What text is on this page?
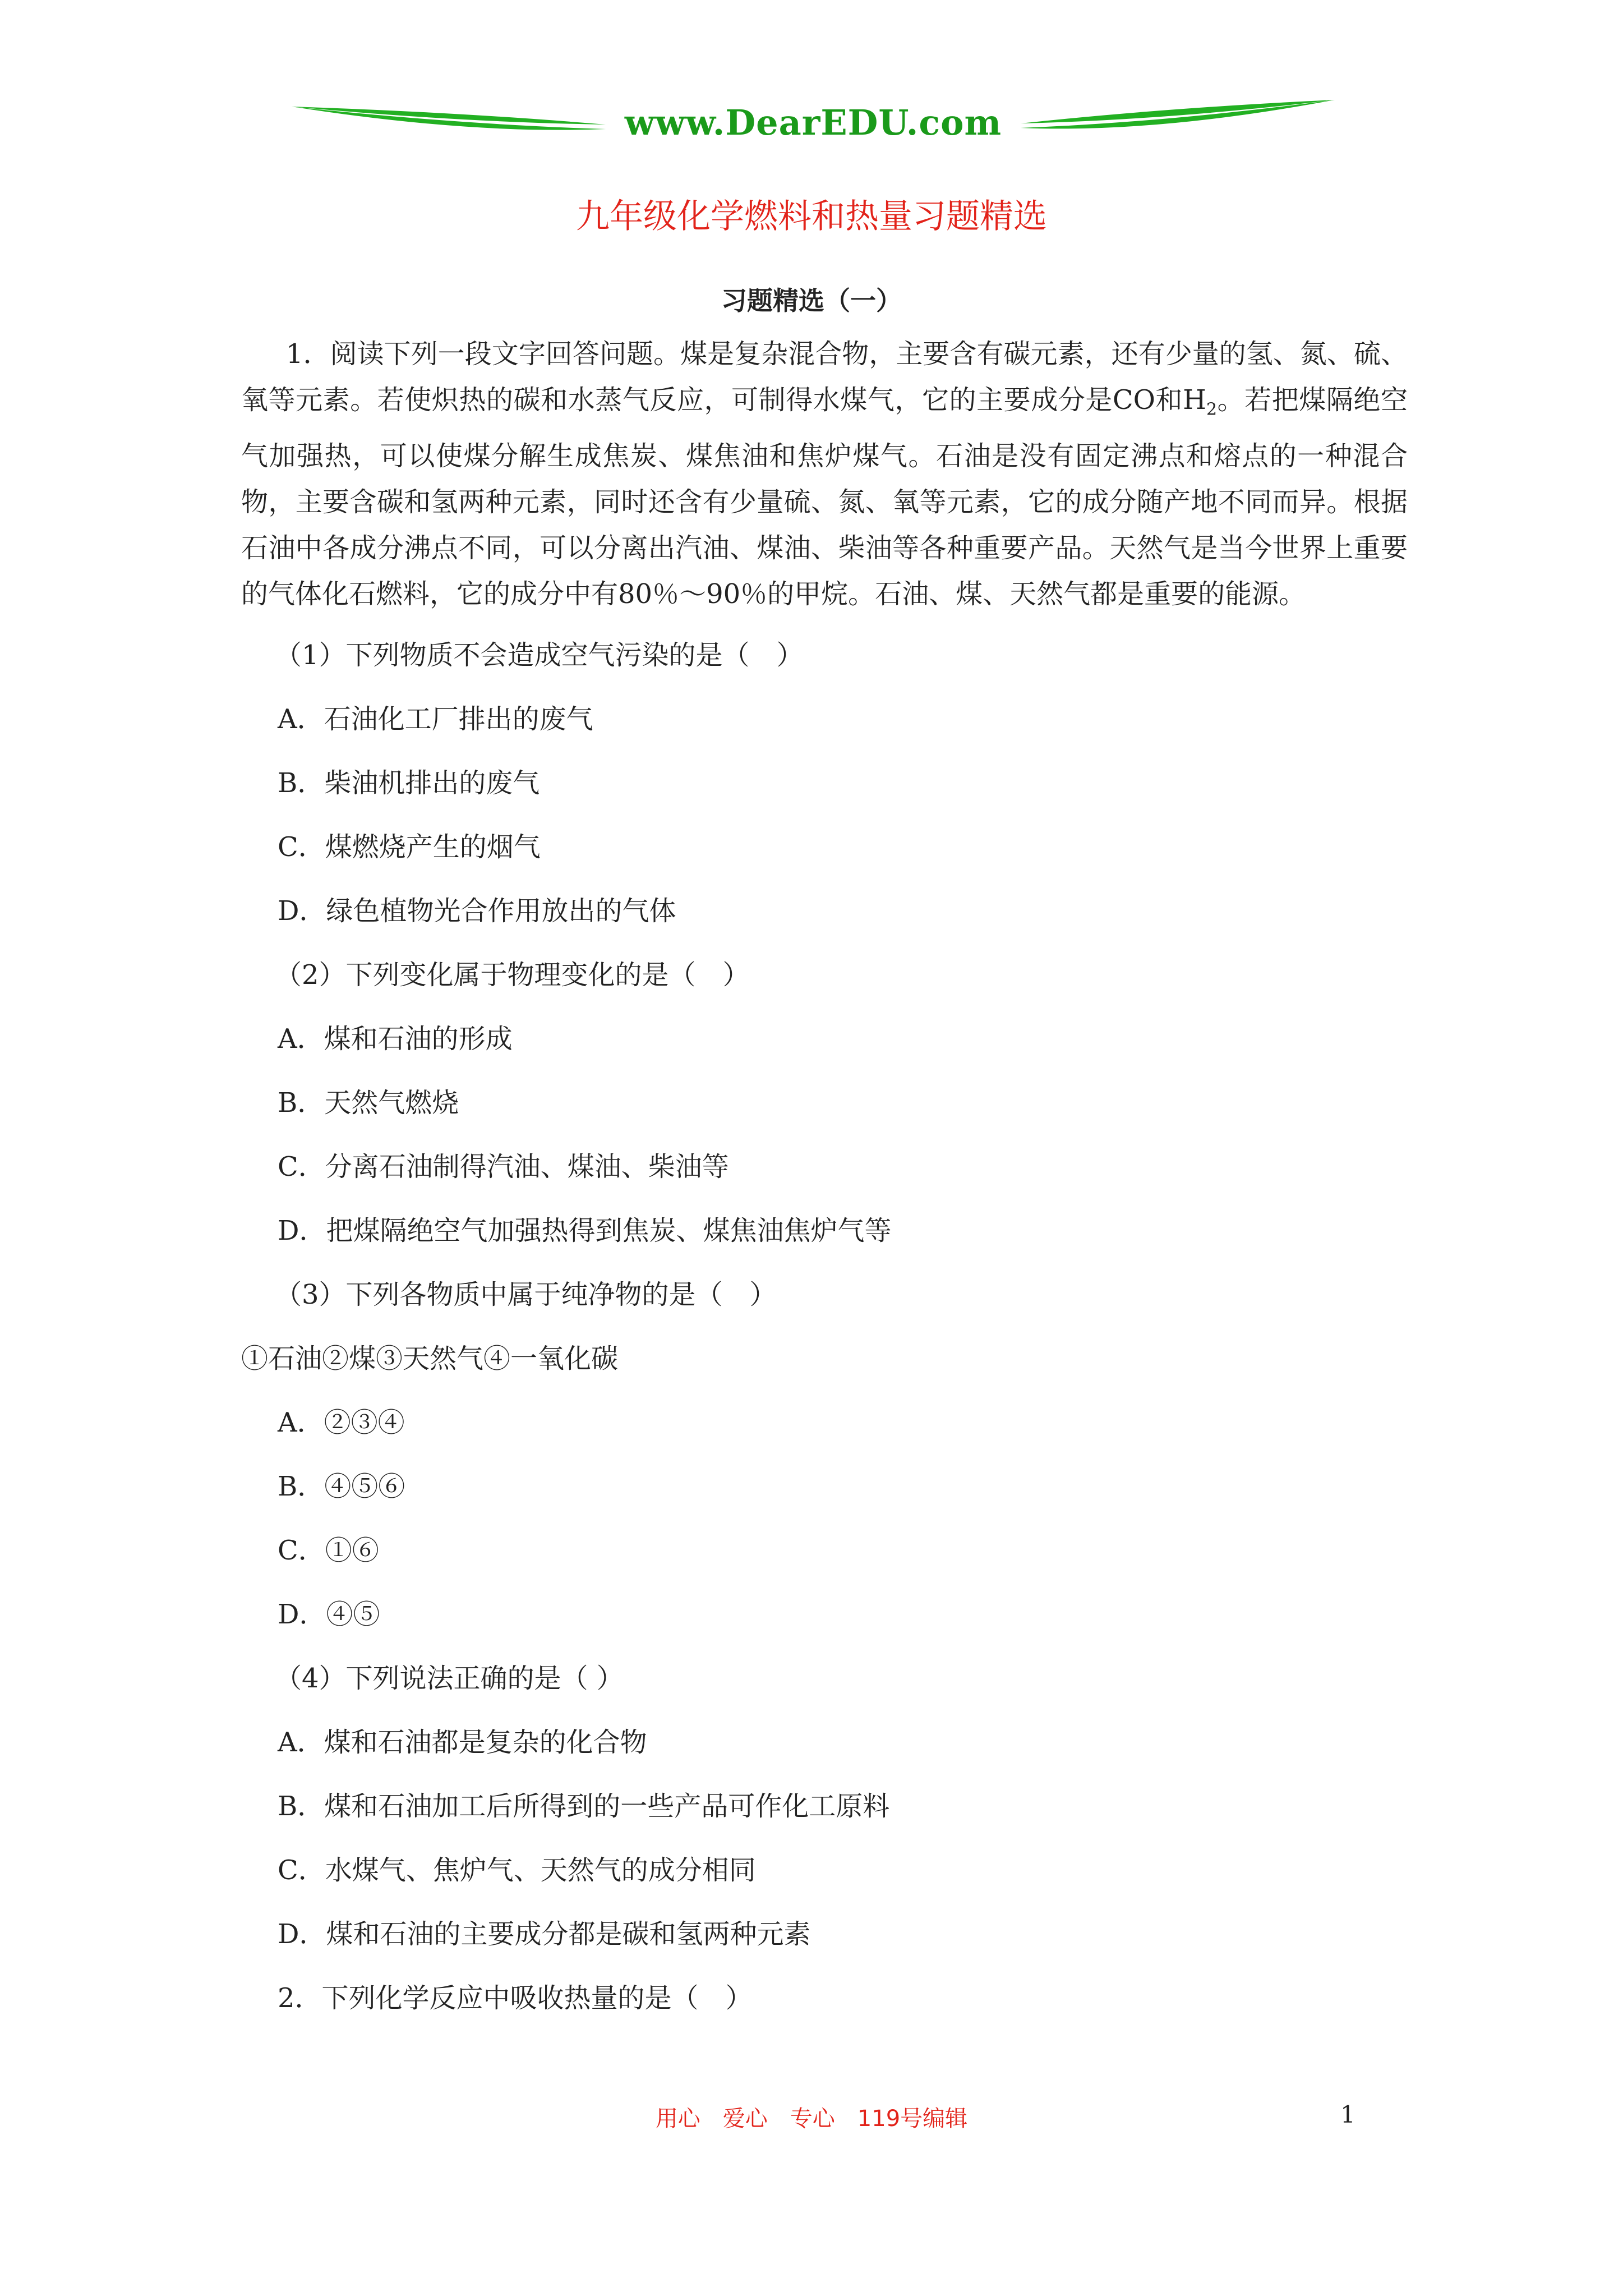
www.DearEDU.com
九年级化学燃料和热量习题精选
习题精选（一）

1．阅读下列一段文字回答问题。煤是复杂混合物，主要含有碳元素，还有少量的氢、氮、硫、氧等元素。若使炽热的碳和水蒸气反应，可制得水煤气，它的主要成分是CO和$H_2$。若把煤隔绝空气加强热，可以使煤分解生成焦炭、煤焦油和焦炉煤气。石油是没有固定沸点和熔点的一种混合物，主要含碳和氢两种元素，同时还含有少量硫、氮、氧等元素，它的成分随产地不同而异。根据石油中各成分沸点不同，可以分离出汽油、煤油、柴油等各种重要产品。天然气是当今世界上重要的气体化石燃料，它的成分中有80％～90％的甲烷。石油、煤、天然气都是重要的能源。

（1）下列物质不会造成空气污染的是（　）

A．石油化工厂排出的废气

B．柴油机排出的废气

C．煤燃烧产生的烟气

D．绿色植物光合作用放出的气体

（2）下列变化属于物理变化的是（　）

A．煤和石油的形成

B．天然气燃烧

C．分离石油制得汽油、煤油、柴油等

D．把煤隔绝空气加强热得到焦炭、煤焦油焦炉气等

（3）下列各物质中属于纯净物的是（　）

①石油②煤③天然气④一氧化碳

A．②③④

B．④⑤⑥

C．①⑥

D．④⑤

（4）下列说法正确的是（ ）

A．煤和石油都是复杂的化合物

B．煤和石油加工后所得到的一些产品可作化工原料

C．水煤气、焦炉气、天然气的成分相同

D．煤和石油的主要成分都是碳和氢两种元素

2．下列化学反应中吸收热量的是（　）

用心　爱心　专心　119号编辑	1
